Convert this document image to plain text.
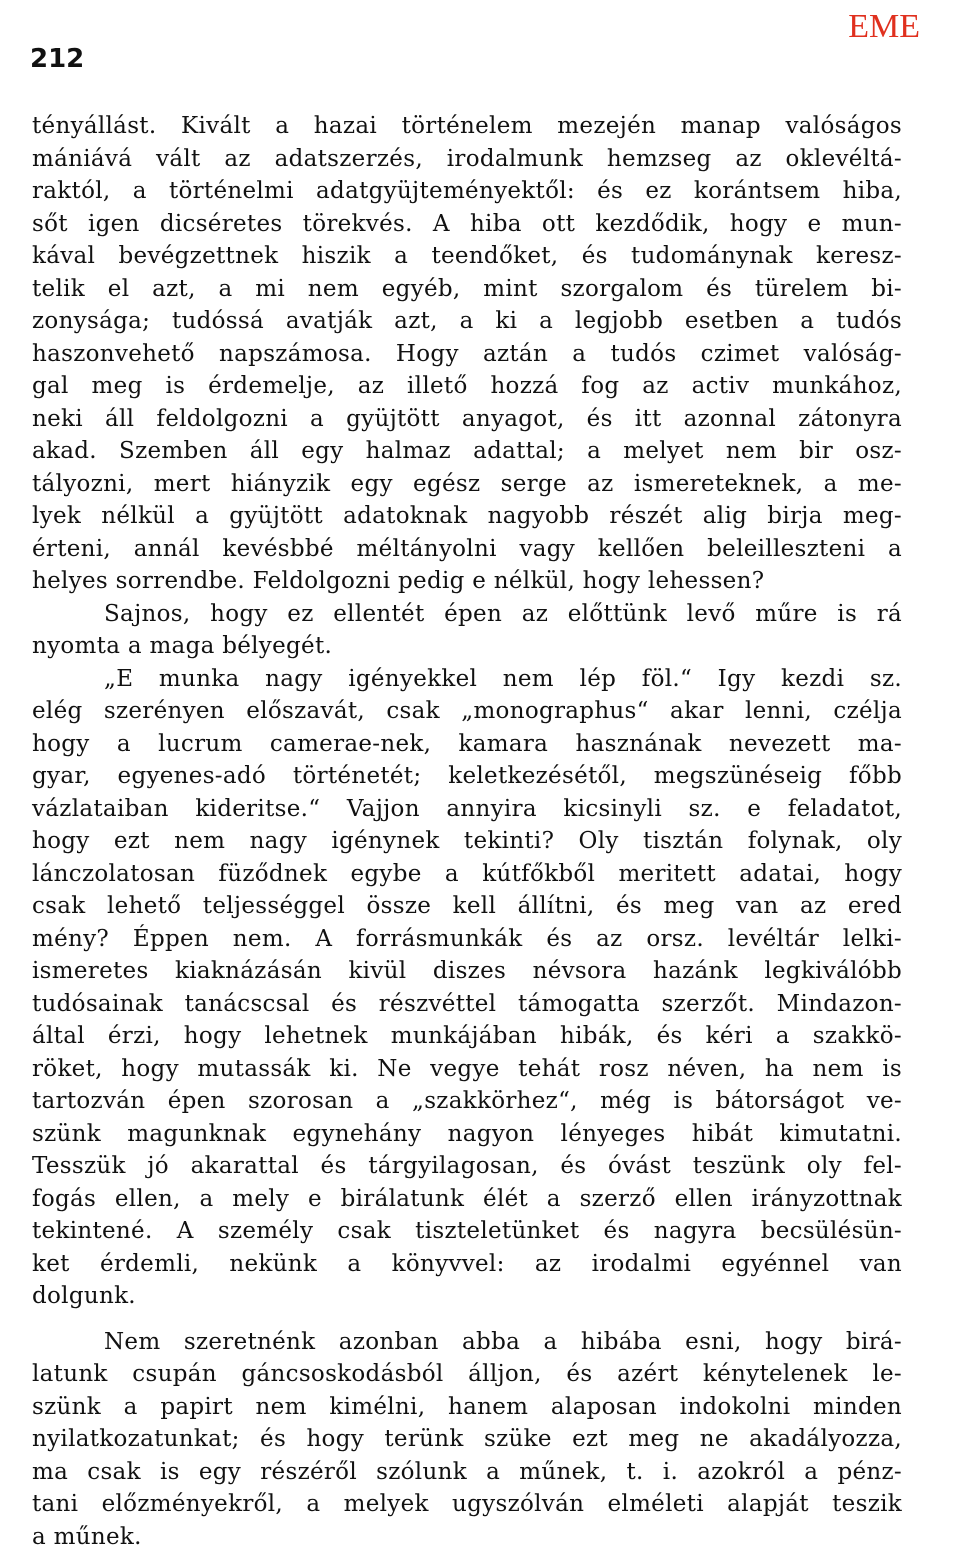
212
EME
tényállást. Kivált a hazai történelem mezején manap valóságos
mániává vált az adatszerzés, irodalmunk hemzseg az oklevéltá-
raktól, a történelmi adatgyüjteményektől: és ez korántsem hiba,
sőt igen dicséretes törekvés. A hiba ott kezdődik, hogy e mun-
kával bevégzettnek hiszik a teendőket, és tudománynak keresz-
telik el azt, a mi nem egyéb, mint szorgalom és türelem bi-
zonysága; tudóssá avatják azt, a ki a legjobb esetben a tudós
haszonvehető napszámosa. Hogy aztán a tudós czimet valóság-
gal meg is érdemelje, az illető hozzá fog az activ munkához,
neki áll feldolgozni a gyüjtött anyagot, és itt azonnal zátonyra
akad. Szemben áll egy halmaz adattal; a melyet nem bir osz-
tályozni, mert hiányzik egy egész serge az ismereteknek, a me-
lyek nélkül a gyüjtött adatoknak nagyobb részét alig birja meg-
érteni, annál kevésbbé méltányolni vagy kellően beleilleszteni a
helyes sorrendbe. Feldolgozni pedig e nélkül, hogy lehessen?
Sajnos, hogy ez ellentét épen az előttünk levő műre is rá
nyomta a maga bélyegét.
„E munka nagy igényekkel nem lép föl.“ Igy kezdi sz.
elég szerényen előszavát, csak „monographus“ akar lenni, czélja
hogy a lucrum camerae-nek, kamara hasznának nevezett ma-
gyar, egyenes-adó történetét; keletkezésétől, megszünéseig főbb
vázlataiban kideritse.“ Vajjon annyira kicsinyli sz. e feladatot,
hogy ezt nem nagy igénynek tekinti? Oly tisztán folynak, oly
lánczolatosan füződnek egybe a kútfőkből meritett adatai, hogy
csak lehető teljességgel össze kell állítni, és meg van az ered
mény? Éppen nem. A forrásmunkák és az orsz. levéltár lelki-
ismeretes kiaknázásán kivül diszes névsora hazánk legkiválóbb
tudósainak tanácscsal és részvéttel támogatta szerzőt. Mindazon-
által érzi, hogy lehetnek munkájában hibák, és kéri a szakkö-
röket, hogy mutassák ki. Ne vegye tehát rosz néven, ha nem is
tartozván épen szorosan a „szakkörhez“, még is bátorságot ve-
szünk magunknak egynehány nagyon lényeges hibát kimutatni.
Tesszük jó akarattal és tárgyilagosan, és óvást teszünk oly fel-
fogás ellen, a mely e birálatunk élét a szerző ellen irányzottnak
tekintené. A személy csak tiszteletünket és nagyra becsülésün-
ket érdemli, nekünk a könyvvel: az irodalmi egyénnel van
dolgunk.
Nem szeretnénk azonban abba a hibába esni, hogy birá-
latunk csupán gáncsoskodásból álljon, és azért kénytelenek le-
szünk a papirt nem kimélni, hanem alaposan indokolni minden
nyilatkozatunkat; és hogy terünk szüke ezt meg ne akadályozza,
ma csak is egy részéről szólunk a műnek, t. i. azokról a pénz-
tani előzményekről, a melyek ugyszólván elméleti alapját teszik
a műnek.
